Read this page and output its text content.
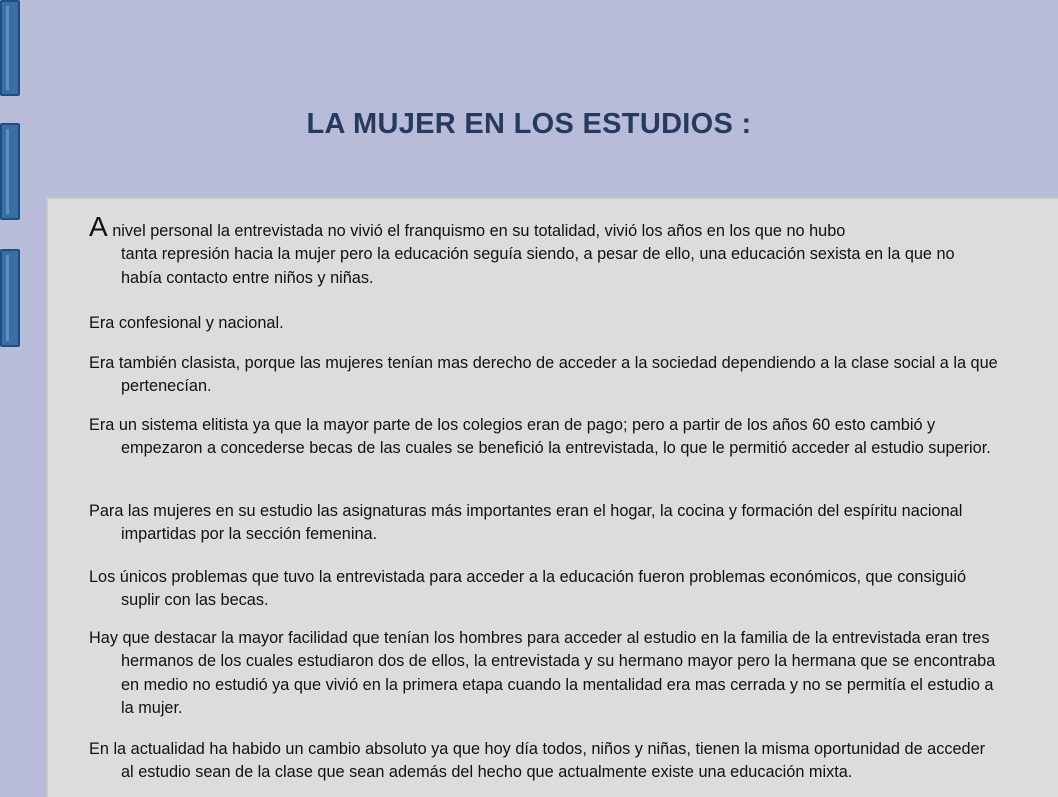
LA MUJER EN LOS ESTUDIOS :
A nivel personal la entrevistada no vivió el franquismo en su totalidad, vivió los años en los que no hubo
tanta represión hacia la mujer pero la educación seguía siendo, a pesar de ello, una educación sexista en la que no había contacto entre niños y niñas.
Era confesional y nacional.
Era también clasista, porque las mujeres tenían mas derecho de acceder a la sociedad dependiendo a la clase social a la que pertenecían.
Era un sistema elitista ya que la mayor parte de los colegios eran de pago; pero a partir de los años 60 esto cambió y empezaron a concederse becas de las cuales se benefició la entrevistada, lo que le permitió acceder al estudio superior.
Para las mujeres en su estudio las asignaturas más importantes eran el hogar, la cocina y formación del espíritu nacional impartidas por la sección femenina.
Los únicos problemas que tuvo la entrevistada para acceder a la educación fueron problemas económicos, que consiguió suplir con las becas.
Hay que destacar la mayor facilidad que tenían los hombres para acceder al estudio en la familia de la entrevistada eran tres hermanos de los cuales estudiaron dos de ellos, la entrevistada y su hermano mayor pero la hermana que se encontraba en medio no estudió ya que vivió en la primera etapa cuando la mentalidad era mas cerrada y no se permitía el estudio a la mujer.
En la actualidad ha habido un cambio absoluto ya que hoy día todos, niños y niñas, tienen la misma oportunidad de acceder al estudio sean de la clase que sean además del hecho que actualmente existe una educación mixta.
